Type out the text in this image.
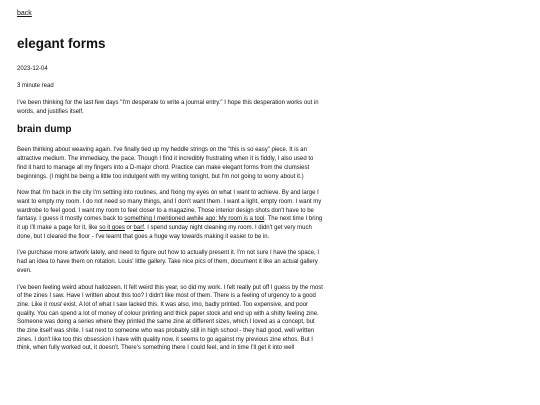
back
elegant forms
2023-12-04
3 minute read

I've been thinking for the last few days "I'm desperate to write a journal entry." I hope this desperation works out in words, and justifies itself.

brain dump

Been thinking about weaving again. I've finally tied up my heddle strings on the "this is so easy" piece. It is an attractive medium. The immediacy, the pace. Though I find it incredibly frustrating when it is fiddly, I also used to find it hard to manage all my fingers into a D-major chord. Practice can make elegant forms from the clumsiest beginnings. (I might be being a little too indulgent with my writing tonight, but I'm not going to worry about it.)

Now that I'm back in the city I'm settling into routines, and fixing my eyes on what I want to achieve. By and large I want to empty my room. I do not need so many things, and I don't want them. I want a light, empty room. I want my wardrobe to feel good. I want my room to feel closer to a magazine. Those interior design shots don't have to be fantasy. I guess it mostly comes back to something I mentioned awhile ago: My room is a tool. The next time I bring it up I'll make a page for it, like so it goes or barf. I spend sunday night cleaning my room. I didn't get very much done, but I cleared the floor - I've learnt that goes a huge way towards making it easier to be in.

I've purchase more artwork lately, and need to figure out how to actually present it. I'm not sure I have the space, I had an idea to have them on rotation. Louis' little gallery. Take nice pics of them, document it like an actual gallery even.

I've been feeling weird about hallozeen. It felt weird this year, so did my work. I felt really put off I guess by the most of the zines I saw. Have I written about this too? I didn't like most of them. There is a feeling of urgency to a good zine. Like it must exist. A lot of what I saw lacked this. It was also, imo, badly printed. Too expensive, and poor quality. You can spend a lot of money of colour printing and thick paper stock and end up with a shitty feeling zine. Someone was doing a series where they printed the same zine at different sizes, which I loved as a concept, but the zine itself was shite. I sat next to someone who was probably still in high school - they had good, well written zines. I don't like too this obsession I have with quality now, it seems to go against my previous zine ethos. But I think, when fully worked out, it doesn't. There's something there I could feel, and in time I'll get it into well
